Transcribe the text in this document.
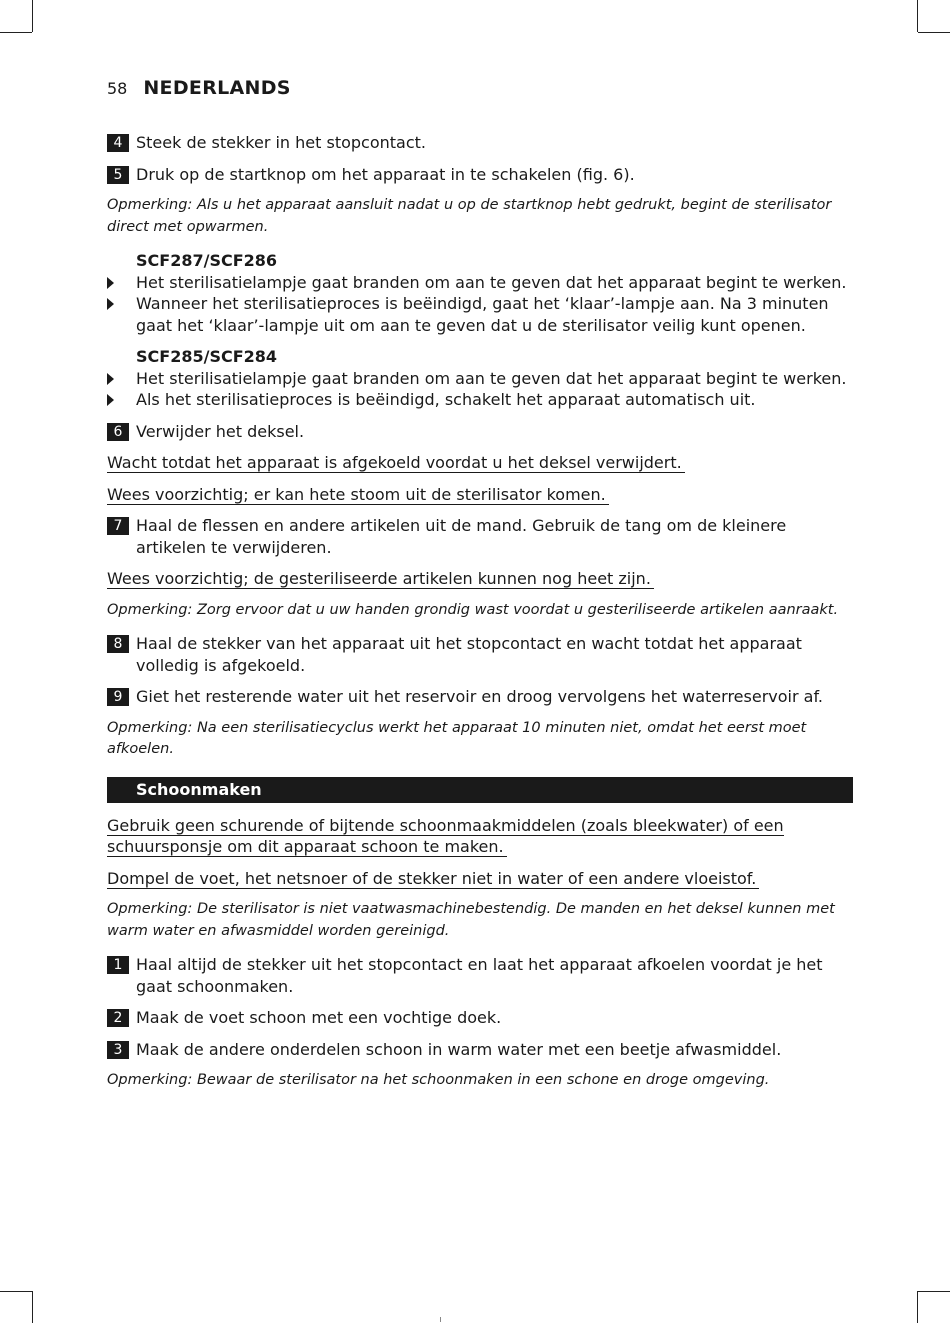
58 NEDERLANDS
4 Steek de stekker in het stopcontact.
5 Druk op de startknop om het apparaat in te schakelen (fig. 6).
Opmerking: Als u het apparaat aansluit nadat u op de startknop hebt gedrukt, begint de sterilisator direct met opwarmen.
SCF287/SCF286
Het sterilisatielampje gaat branden om aan te geven dat het apparaat begint te werken.
Wanneer het sterilisatieproces is beëindigd, gaat het ‘klaar’-lampje aan. Na 3 minuten gaat het ‘klaar’-lampje uit om aan te geven dat u de sterilisator veilig kunt openen.
SCF285/SCF284
Het sterilisatielampje gaat branden om aan te geven dat het apparaat begint te werken.
Als het sterilisatieproces is beëindigd, schakelt het apparaat automatisch uit.
6 Verwijder het deksel.
Wacht totdat het apparaat is afgekoeld voordat u het deksel verwijdert.
Wees voorzichtig; er kan hete stoom uit de sterilisator komen.
7 Haal de flessen en andere artikelen uit de mand. Gebruik de tang om de kleinere artikelen te verwijderen.
Wees voorzichtig; de gesteriliseerde artikelen kunnen nog heet zijn.
Opmerking: Zorg ervoor dat u uw handen grondig wast voordat u gesteriliseerde artikelen aanraakt.
8 Haal de stekker van het apparaat uit het stopcontact en wacht totdat het apparaat volledig is afgekoeld.
9 Giet het resterende water uit het reservoir en droog vervolgens het waterreservoir af.
Opmerking: Na een sterilisatiecyclus werkt het apparaat 10 minuten niet, omdat het eerst moet afkoelen.
Schoonmaken
Gebruik geen schurende of bijtende schoonmaakmiddelen (zoals bleekwater) of een schuursponsje om dit apparaat schoon te maken.
Dompel de voet, het netsnoer of de stekker niet in water of een andere vloeistof.
Opmerking: De sterilisator is niet vaatwasmachinebestendig. De manden en het deksel kunnen met warm water en afwasmiddel worden gereinigd.
1 Haal altijd de stekker uit het stopcontact en laat het apparaat afkoelen voordat je het gaat schoonmaken.
2 Maak de voet schoon met een vochtige doek.
3 Maak de andere onderdelen schoon in warm water met een beetje afwasmiddel.
Opmerking: Bewaar de sterilisator na het schoonmaken in een schone en droge omgeving.
